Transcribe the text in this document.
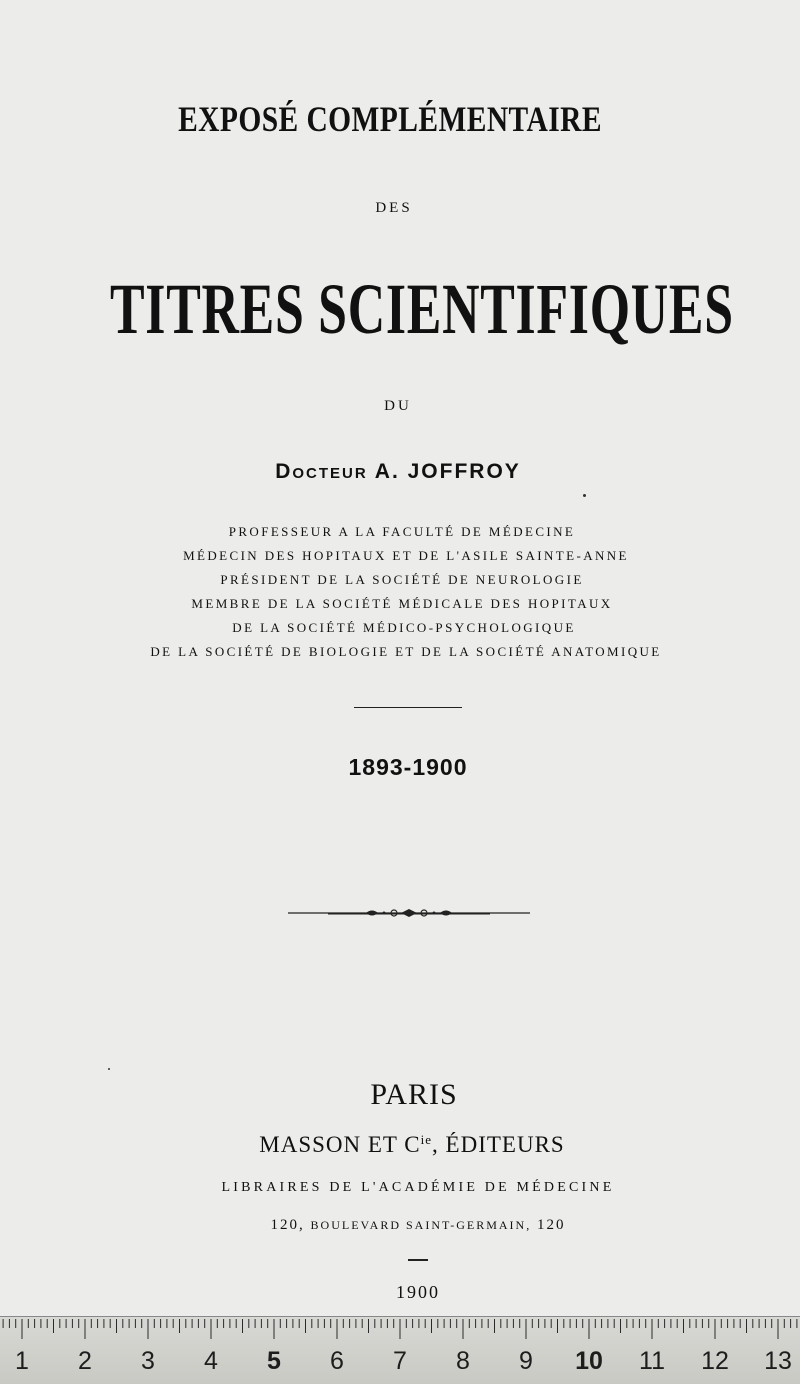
EXPOSÉ COMPLÉMENTAIRE
DES
TITRES SCIENTIFIQUES
DU
DOCTEUR A. JOFFROY
PROFESSEUR A LA FACULTÉ DE MÉDECINE
MÉDECIN DES HOPITAUX ET DE L'ASILE SAINTE-ANNE
PRÉSIDENT DE LA SOCIÉTÉ DE NEUROLOGIE
MEMBRE DE LA SOCIÉTÉ MÉDICALE DES HOPITAUX
DE LA SOCIÉTÉ MÉDICO-PSYCHOLOGIQUE
DE LA SOCIÉTÉ DE BIOLOGIE ET DE LA SOCIÉTÉ ANATOMIQUE
1893-1900
PARIS
MASSON ET $C^{ie}$, ÉDITEURS
LIBRAIRES DE L'ACADÉMIE DE MÉDECINE
120, BOULEVARD SAINT-GERMAIN, 120
1900
1 2 3 4 5 6 7 8 9 10 11 12 13
